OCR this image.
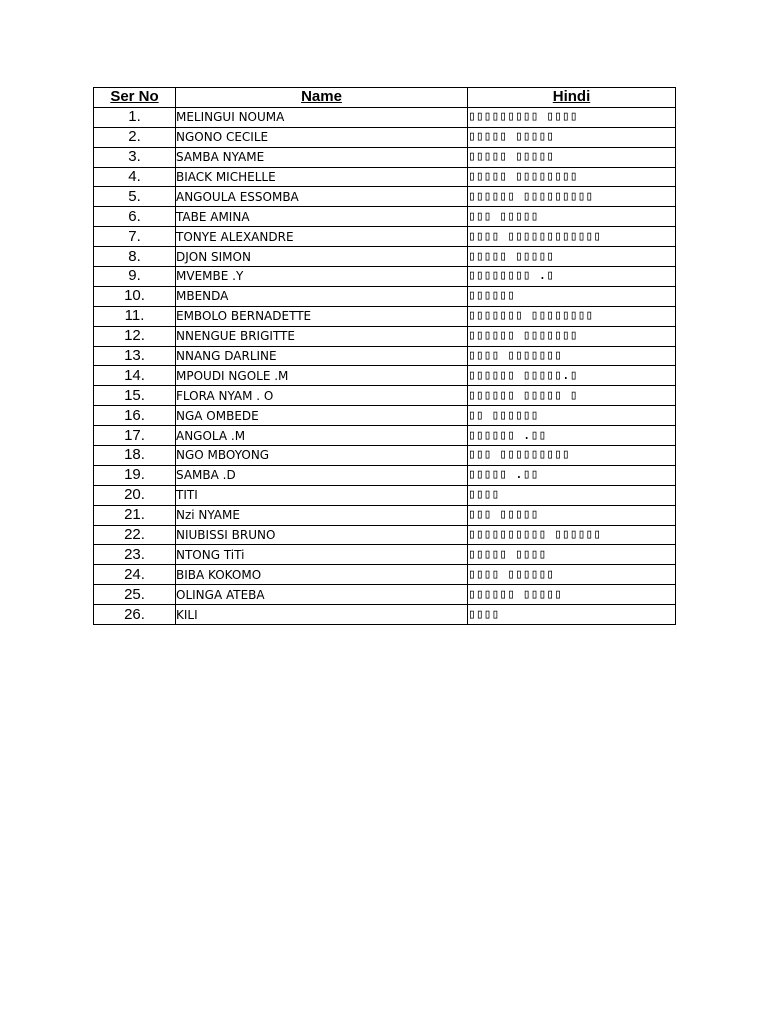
Ser No	Name	Hindi
1.	MELINGUI NOUMA	▯▯▯▯▯▯▯▯▯ ▯▯▯▯
2.	NGONO CECILE	▯▯▯▯▯ ▯▯▯▯▯
3.	SAMBA NYAME	▯▯▯▯▯ ▯▯▯▯▯
4.	BIACK MICHELLE	▯▯▯▯▯ ▯▯▯▯▯▯▯▯
5.	ANGOULA ESSOMBA	▯▯▯▯▯▯ ▯▯▯▯▯▯▯▯▯
6.	TABE AMINA	▯▯▯ ▯▯▯▯▯
7.	TONYE ALEXANDRE	▯▯▯▯ ▯▯▯▯▯▯▯▯▯▯▯▯
8.	DJON SIMON	▯▯▯▯▯ ▯▯▯▯▯
9.	MVEMBE .Y	▯▯▯▯▯▯▯▯ .▯
10.	MBENDA	▯▯▯▯▯▯
11.	EMBOLO BERNADETTE	▯▯▯▯▯▯▯ ▯▯▯▯▯▯▯▯
12.	NNENGUE BRIGITTE	▯▯▯▯▯▯ ▯▯▯▯▯▯▯
13.	NNANG DARLINE	▯▯▯▯ ▯▯▯▯▯▯▯
14.	MPOUDI NGOLE .M	▯▯▯▯▯▯ ▯▯▯▯▯.▯
15.	FLORA NYAM . O	▯▯▯▯▯▯ ▯▯▯▯▯ ▯
16.	NGA OMBEDE	▯▯ ▯▯▯▯▯▯
17.	ANGOLA .M	▯▯▯▯▯▯ .▯▯
18.	NGO MBOYONG	▯▯▯ ▯▯▯▯▯▯▯▯▯
19.	SAMBA .D	▯▯▯▯▯ .▯▯
20.	TITI	▯▯▯▯
21.	Nzi NYAME	▯▯▯ ▯▯▯▯▯
22.	NIUBISSI BRUNO	▯▯▯▯▯▯▯▯▯▯ ▯▯▯▯▯▯
23.	NTONG TiTi	▯▯▯▯▯ ▯▯▯▯
24.	BIBA KOKOMO	▯▯▯▯ ▯▯▯▯▯▯
25.	OLINGA ATEBA	▯▯▯▯▯▯ ▯▯▯▯▯
26.	KILI	▯▯▯▯
